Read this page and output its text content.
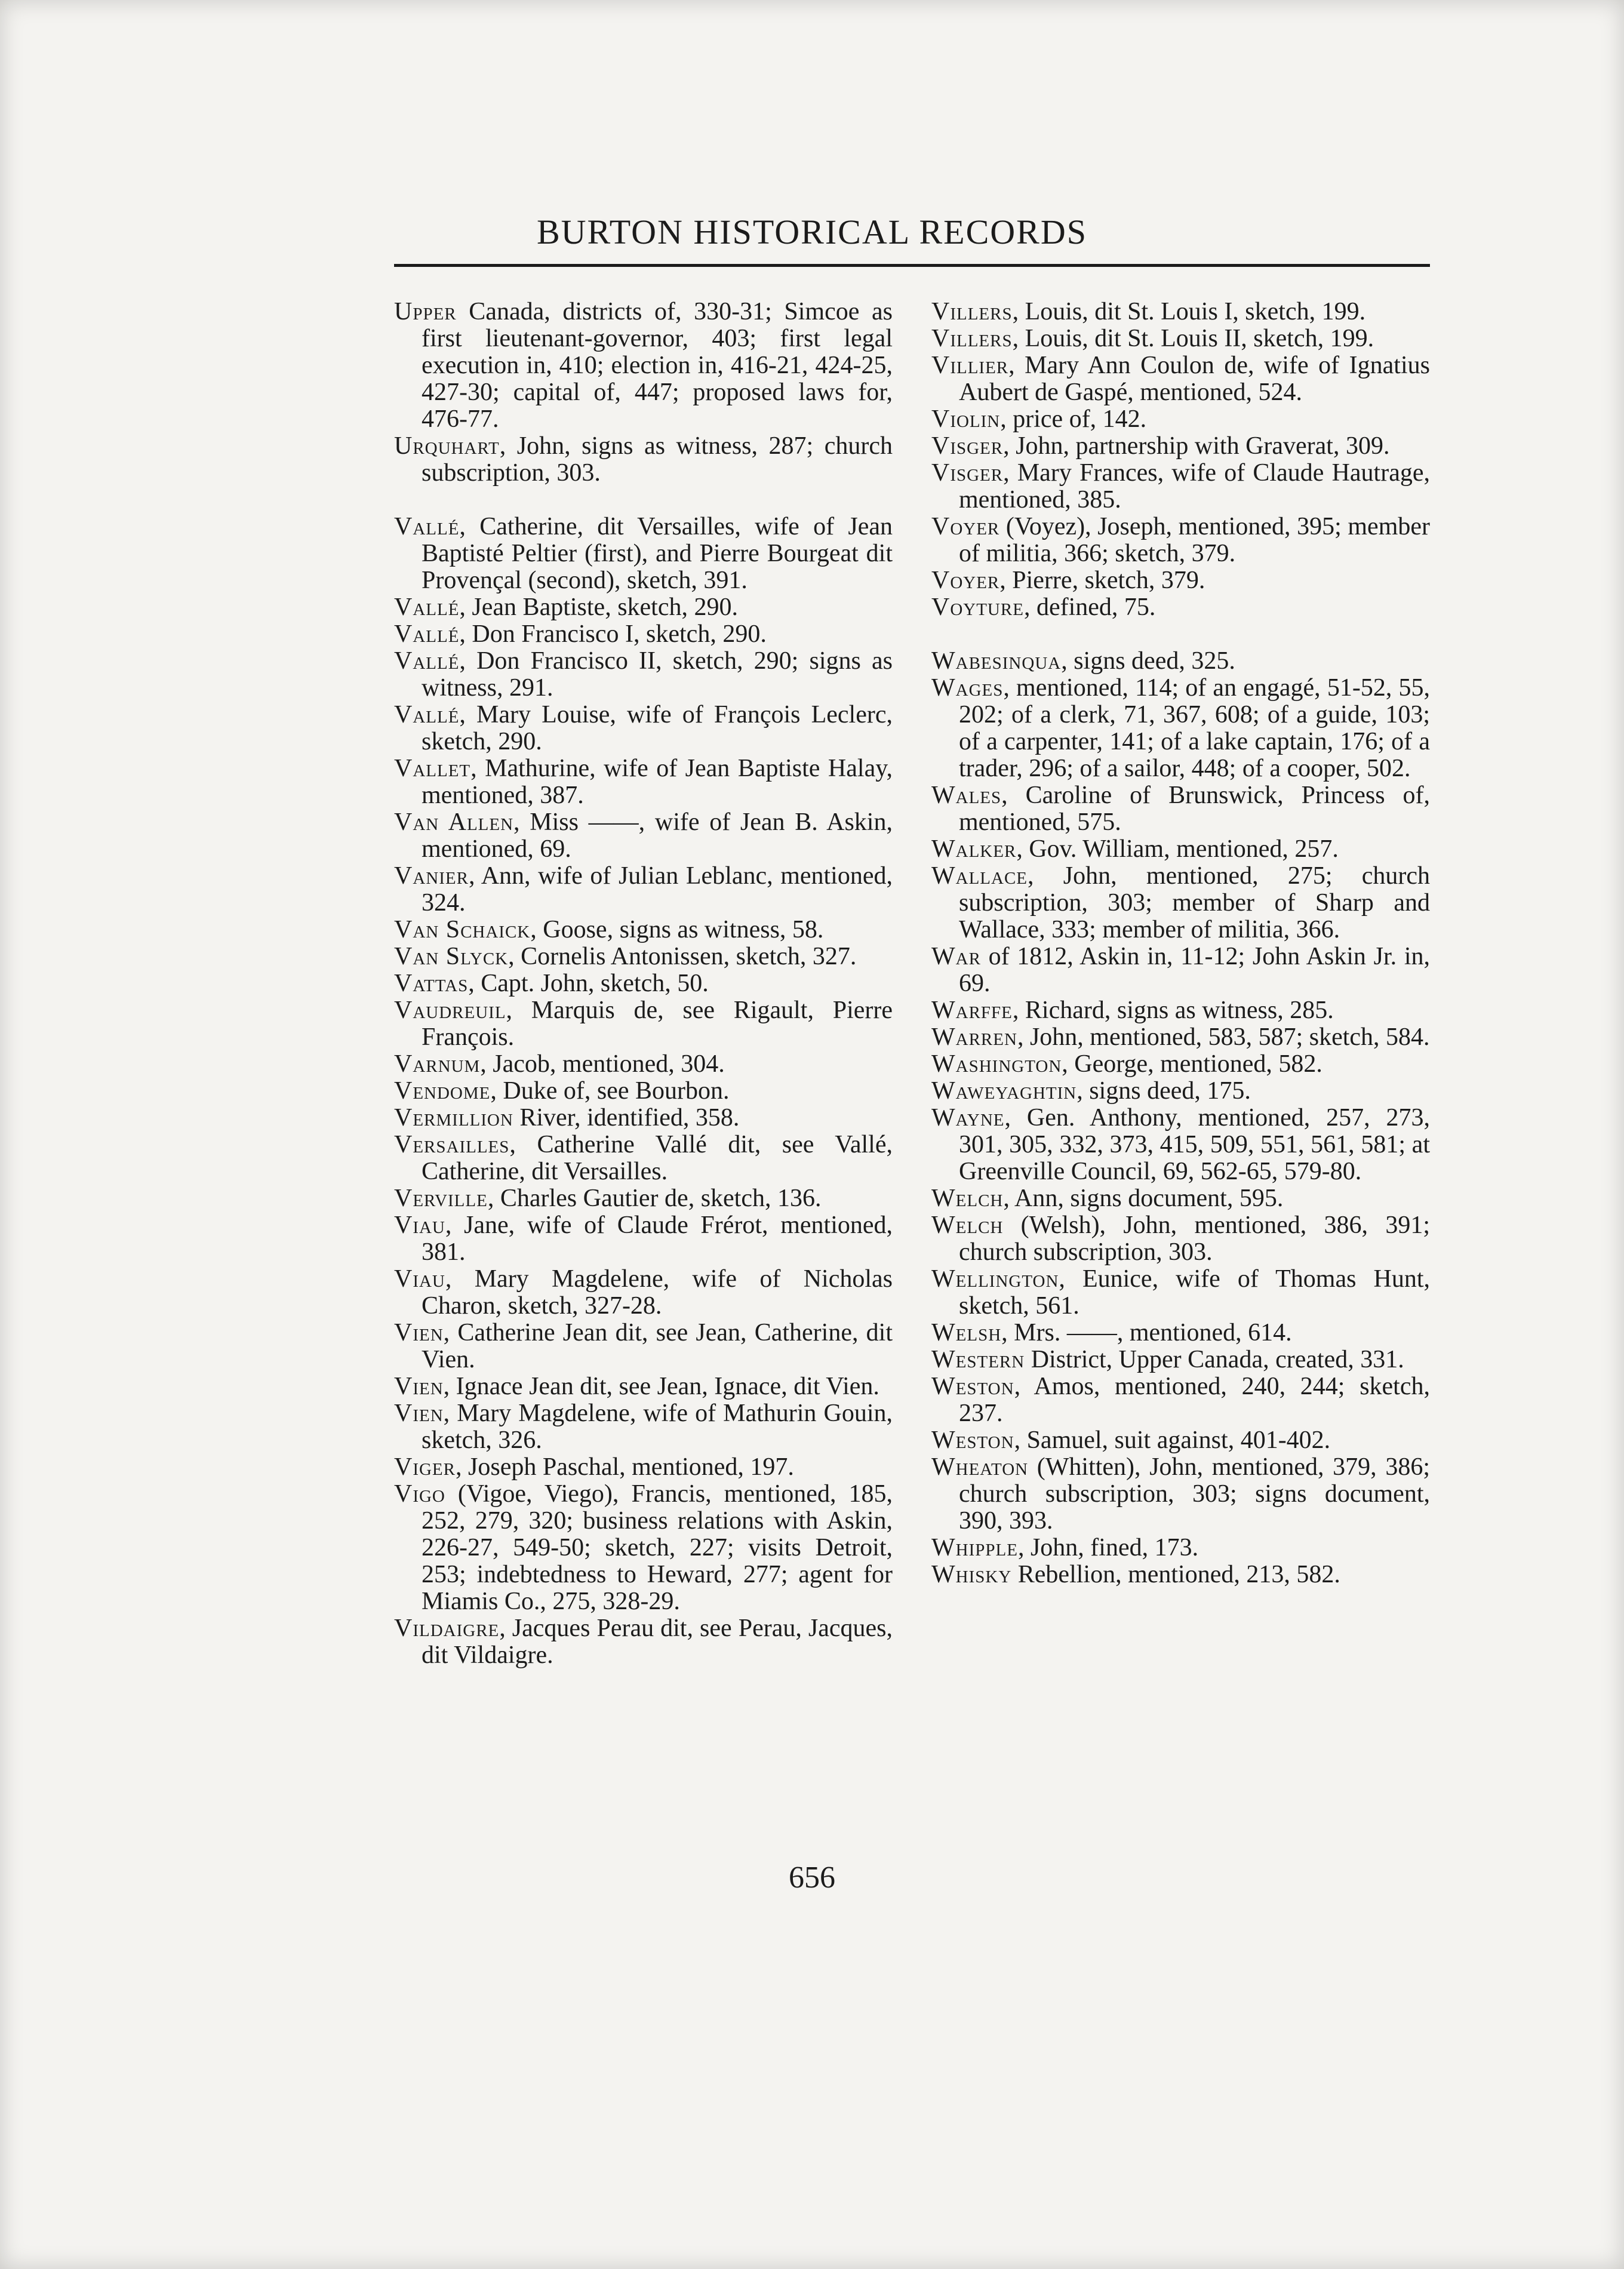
BURTON HISTORICAL RECORDS

Upper Canada, districts of, 330-31; Simcoe as first lieutenant-governor, 403; first legal execution in, 410; election in, 416-21, 424-25, 427-30; capital of, 447; proposed laws for, 476-77.

Urquhart, John, signs as witness, 287; church subscription, 303.

Vallé, Catherine, dit Versailles, wife of Jean Baptisté Peltier (first), and Pierre Bourgeat dit Provençal (second), sketch, 391.

Vallé, Jean Baptiste, sketch, 290.

Vallé, Don Francisco I, sketch, 290.

Vallé, Don Francisco II, sketch, 290; signs as witness, 291.

Vallé, Mary Louise, wife of François Leclerc, sketch, 290.

Vallet, Mathurine, wife of Jean Baptiste Halay, mentioned, 387.

Van Allen, Miss ——, wife of Jean B. Askin, mentioned, 69.

Vanier, Ann, wife of Julian Leblanc, mentioned, 324.

Van Schaick, Goose, signs as witness, 58.

Van Slyck, Cornelis Antonissen, sketch, 327.

Vattas, Capt. John, sketch, 50.

Vaudreuil, Marquis de, see Rigault, Pierre François.

Varnum, Jacob, mentioned, 304.

Vendome, Duke of, see Bourbon.

Vermillion River, identified, 358.

Versailles, Catherine Vallé dit, see Vallé, Catherine, dit Versailles.

Verville, Charles Gautier de, sketch, 136.

Viau, Jane, wife of Claude Frérot, mentioned, 381.

Viau, Mary Magdelene, wife of Nicholas Charon, sketch, 327-28.

Vien, Catherine Jean dit, see Jean, Catherine, dit Vien.

Vien, Ignace Jean dit, see Jean, Ignace, dit Vien.

Vien, Mary Magdelene, wife of Mathurin Gouin, sketch, 326.

Viger, Joseph Paschal, mentioned, 197.

Vigo (Vigoe, Viego), Francis, mentioned, 185, 252, 279, 320; business relations with Askin, 226-27, 549-50; sketch, 227; visits Detroit, 253; indebtedness to Heward, 277; agent for Miamis Co., 275, 328-29.

Vildaigre, Jacques Perau dit, see Perau, Jacques, dit Vildaigre.

Villers, Louis, dit St. Louis I, sketch, 199.

Villers, Louis, dit St. Louis II, sketch, 199.

Villier, Mary Ann Coulon de, wife of Ignatius Aubert de Gaspé, mentioned, 524.

Violin, price of, 142.

Visger, John, partnership with Graverat, 309.

Visger, Mary Frances, wife of Claude Hautrage, mentioned, 385.

Voyer (Voyez), Joseph, mentioned, 395; member of militia, 366; sketch, 379.

Voyer, Pierre, sketch, 379.

Voyture, defined, 75.

Wabesinqua, signs deed, 325.

Wages, mentioned, 114; of an engagé, 51-52, 55, 202; of a clerk, 71, 367, 608; of a guide, 103; of a carpenter, 141; of a lake captain, 176; of a trader, 296; of a sailor, 448; of a cooper, 502.

Wales, Caroline of Brunswick, Princess of, mentioned, 575.

Walker, Gov. William, mentioned, 257.

Wallace, John, mentioned, 275; church subscription, 303; member of Sharp and Wallace, 333; member of militia, 366.

War of 1812, Askin in, 11-12; John Askin Jr. in, 69.

Warffe, Richard, signs as witness, 285.

Warren, John, mentioned, 583, 587; sketch, 584.

Washington, George, mentioned, 582.

Waweyaghtin, signs deed, 175.

Wayne, Gen. Anthony, mentioned, 257, 273, 301, 305, 332, 373, 415, 509, 551, 561, 581; at Greenville Council, 69, 562-65, 579-80.

Welch, Ann, signs document, 595.

Welch (Welsh), John, mentioned, 386, 391; church subscription, 303.

Wellington, Eunice, wife of Thomas Hunt, sketch, 561.

Welsh, Mrs. ——, mentioned, 614.

Western District, Upper Canada, created, 331.

Weston, Amos, mentioned, 240, 244; sketch, 237.

Weston, Samuel, suit against, 401-402.

Wheaton (Whitten), John, mentioned, 379, 386; church subscription, 303; signs document, 390, 393.

Whipple, John, fined, 173.

Whisky Rebellion, mentioned, 213, 582.

656
